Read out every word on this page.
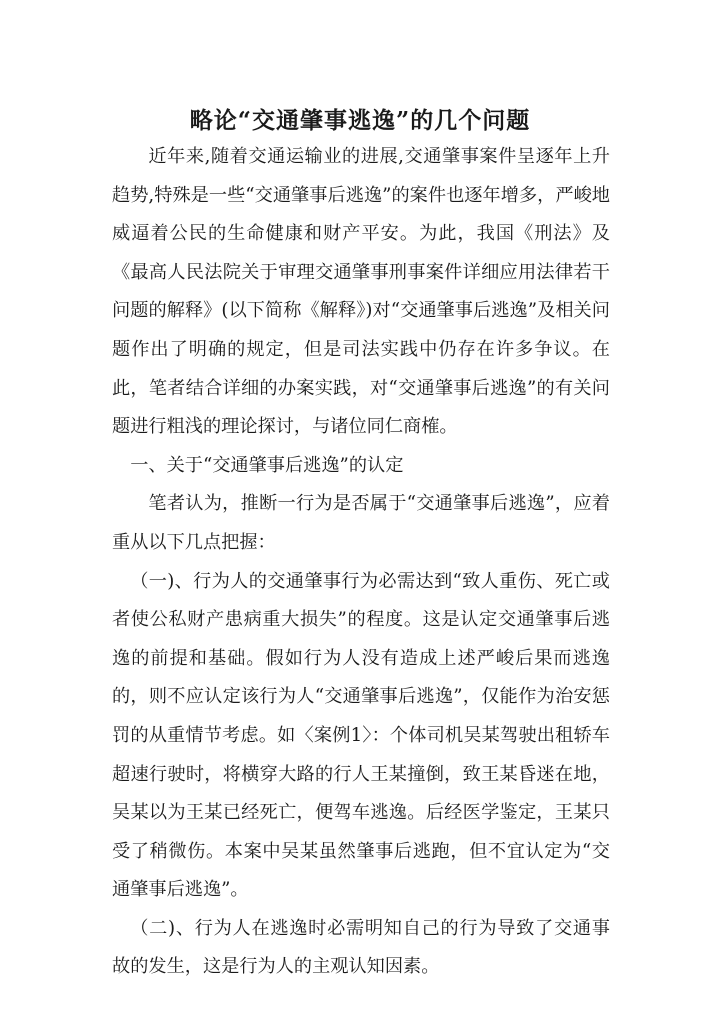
略论“交通肇事逃逸”的几个问题

近年来,随着交通运输业的进展,交通肇事案件呈逐年上升趋势,特殊是一些“交通肇事后逃逸”的案件也逐年增多，严峻地威逼着公民的生命健康和财产平安。为此，我国《刑法》及《最高人民法院关于审理交通肇事刑事案件详细应用法律若干问题的解释》(以下简称《解释》)对“交通肇事后逃逸”及相关问题作出了明确的规定，但是司法实践中仍存在许多争议。在此，笔者结合详细的办案实践，对“交通肇事后逃逸”的有关问题进行粗浅的理论探讨，与诸位同仁商榷。

一、关于“交通肇事后逃逸”的认定

笔者认为，推断一行为是否属于“交通肇事后逃逸”，应着重从以下几点把握：

（一)、行为人的交通肇事行为必需达到“致人重伤、死亡或者使公私财产患病重大损失”的程度。这是认定交通肇事后逃逸的前提和基础。假如行为人没有造成上述严峻后果而逃逸的，则不应认定该行为人“交通肇事后逃逸”，仅能作为治安惩罚的从重情节考虑。如〈案例1〉：个体司机吴某驾驶出租轿车超速行驶时，将横穿大路的行人王某撞倒，致王某昏迷在地，吴某以为王某已经死亡，便驾车逃逸。后经医学鉴定，王某只受了稍微伤。本案中吴某虽然肇事后逃跑，但不宜认定为“交通肇事后逃逸”。

（二)、行为人在逃逸时必需明知自己的行为导致了交通事故的发生，这是行为人的主观认知因素。
